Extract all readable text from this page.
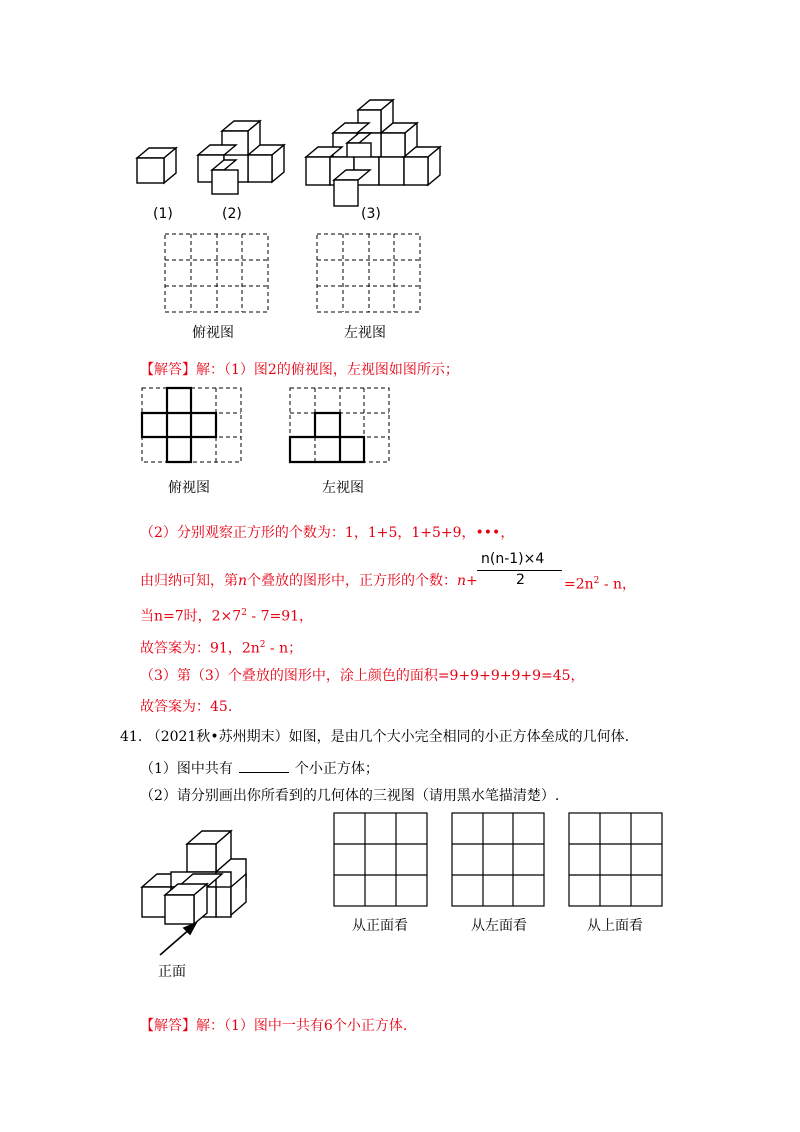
(1)	(2)	(3)
俯视图	左视图
【解答】解：（1）图2的俯视图，左视图如图所示；
俯视图	左视图
（2）分别观察正方形的个数为：1，1+5，1+5+9，•••，
由归纳可知，第n个叠放的图形中，正方形的个数：n+
n(n-1)×4
2	$=2n^2 - n$，
当n=7时，$2\times 7^2 - 7=91$，
故答案为：91，$2n^2$ - n；
（3）第（3）个叠放的图形中，涂上颜色的面积=9+9+9+9+9=45，
故答案为：45.
41. （2021秋•苏州期末）如图，是由几个大小完全相同的小正方体垒成的几何体.
（1）图中共有	个小正方体；
（2）请分别画出你所看到的几何体的三视图（请用黑水笔描清楚）.
正面
从正面看	从左面看	从上面看
【解答】解：（1）图中一共有6个小正方体.
